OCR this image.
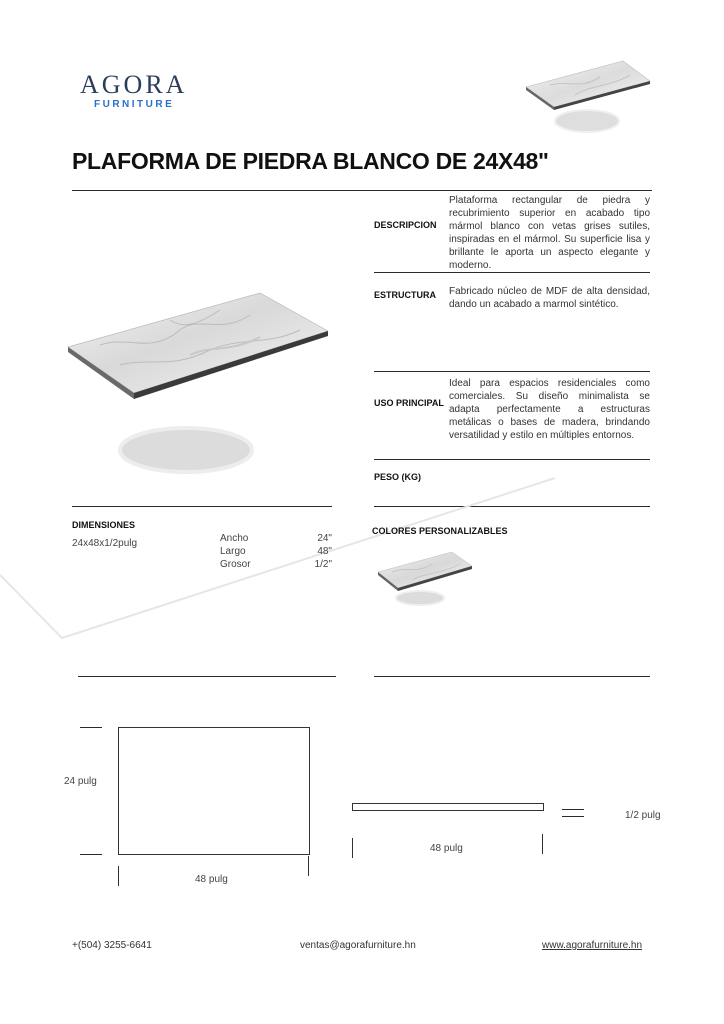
AGORA
FURNITURE
PLAFORMA DE PIEDRA BLANCO DE 24X48"
DESCRIPCION
Plataforma rectangular de piedra y recubrimiento superior en acabado tipo mármol blanco con vetas grises sutiles, inspiradas en el mármol. Su superficie lisa y brillante le aporta un aspecto elegante y moderno.
ESTRUCTURA Fabricado núcleo de MDF de alta densidad, dando un acabado a marmol sintético.
USO PRINCIPAL
Ideal para espacios residenciales como comerciales. Su diseño minimalista se adapta perfectamente a estructuras metálicas o bases de madera, brindando versatilidad y estilo en múltiples entornos.
PESO (KG)
DIMENSIONES
24x48x1/2pulg	Ancho	24"
Largo	48"
Grosor	1/2"
COLORES PERSONALIZABLES
24 pulg
48 pulg
48 pulg
1/2 pulg
+(504) 3255-6641	ventas@agorafurniture.hn	www.agorafurniture.hn
